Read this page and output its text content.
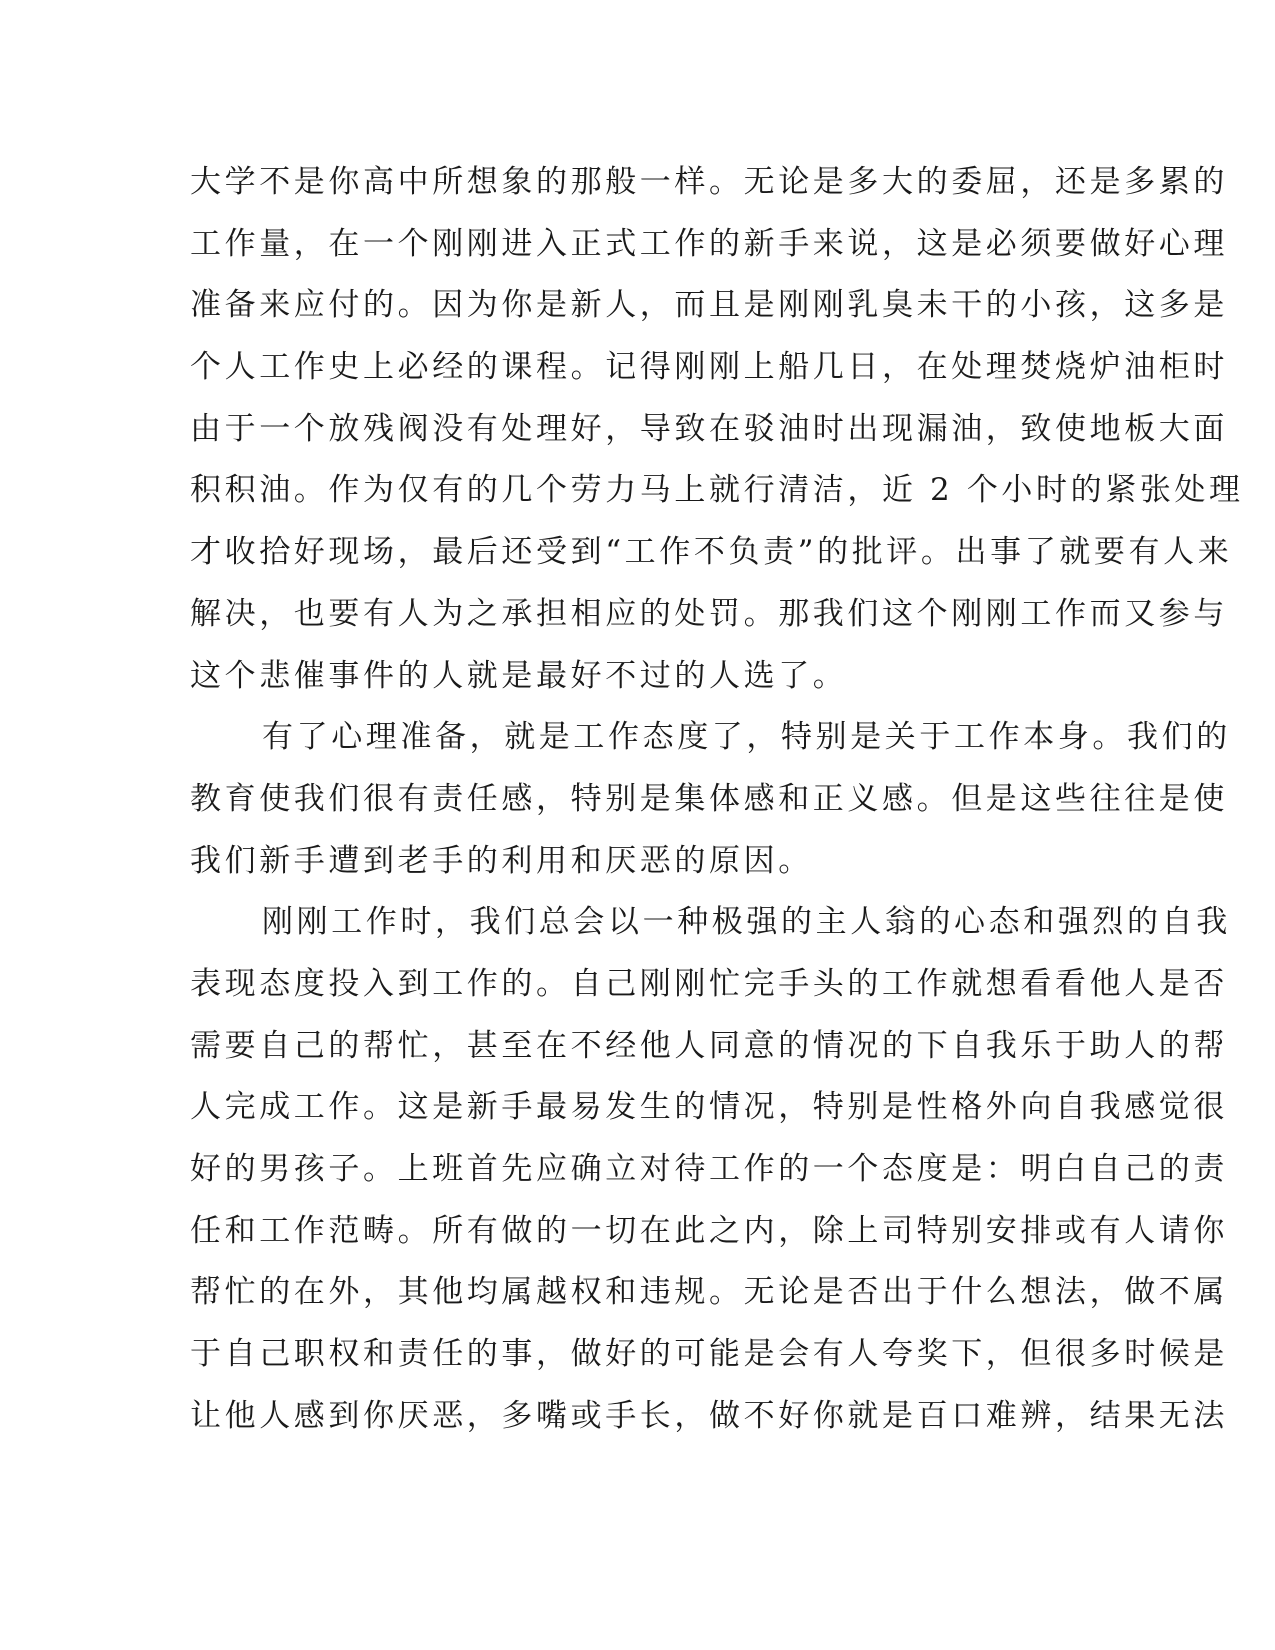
大学不是你高中所想象的那般一样。无论是多大的委屈，还是多累的
工作量，在一个刚刚进入正式工作的新手来说，这是必须要做好心理
准备来应付的。因为你是新人，而且是刚刚乳臭未干的小孩，这多是
个人工作史上必经的课程。记得刚刚上船几日，在处理焚烧炉油柜时
由于一个放残阀没有处理好，导致在驳油时出现漏油，致使地板大面
积积油。作为仅有的几个劳力马上就行清洁，近 2 个小时的紧张处理
才收拾好现场，最后还受到“工作不负责”的批评。出事了就要有人来
解决，也要有人为之承担相应的处罚。那我们这个刚刚工作而又参与
这个悲催事件的人就是最好不过的人选了。
有了心理准备，就是工作态度了，特别是关于工作本身。我们的
教育使我们很有责任感，特别是集体感和正义感。但是这些往往是使
我们新手遭到老手的利用和厌恶的原因。
刚刚工作时，我们总会以一种极强的主人翁的心态和强烈的自我
表现态度投入到工作的。自己刚刚忙完手头的工作就想看看他人是否
需要自己的帮忙，甚至在不经他人同意的情况的下自我乐于助人的帮
人完成工作。这是新手最易发生的情况，特别是性格外向自我感觉很
好的男孩子。上班首先应确立对待工作的一个态度是：明白自己的责
任和工作范畴。所有做的一切在此之内，除上司特别安排或有人请你
帮忙的在外，其他均属越权和违规。无论是否出于什么想法，做不属
于自己职权和责任的事，做好的可能是会有人夸奖下，但很多时候是
让他人感到你厌恶，多嘴或手长，做不好你就是百口难辨，结果无法
